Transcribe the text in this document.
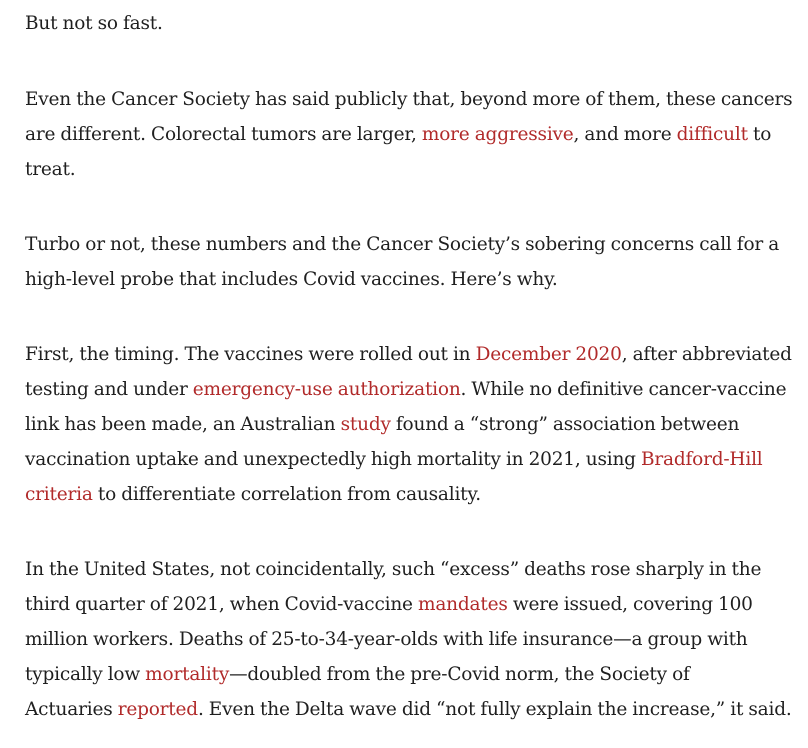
But not so fast.

Even the Cancer Society has said publicly that, beyond more of them, these cancers
are different. Colorectal tumors are larger, more aggressive, and more difficult to
treat.

Turbo or not, these numbers and the Cancer Society’s sobering concerns call for a
high-level probe that includes Covid vaccines. Here’s why.

First, the timing. The vaccines were rolled out in December 2020, after abbreviated
testing and under emergency-use authorization. While no definitive cancer-vaccine
link has been made, an Australian study found a “strong” association between
vaccination uptake and unexpectedly high mortality in 2021, using Bradford-Hill
criteria to differentiate correlation from causality.

In the United States, not coincidentally, such “excess” deaths rose sharply in the
third quarter of 2021, when Covid-vaccine mandates were issued, covering 100
million workers. Deaths of 25-to-34-year-olds with life insurance—a group with
typically low mortality—doubled from the pre-Covid norm, the Society of
Actuaries reported. Even the Delta wave did “not fully explain the increase,” it said.
